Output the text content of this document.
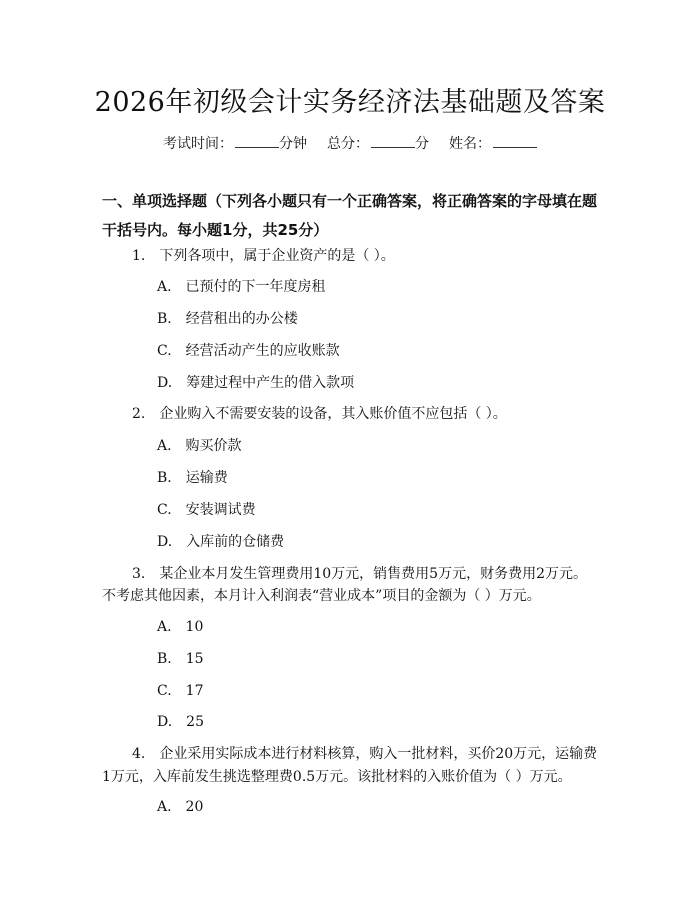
2026年初级会计实务经济法基础题及答案
考试时间：	分钟 总分：	分 姓名：
一、单项选择题（下列各小题只有一个正确答案，将正确答案的字母填在题干括号内。每小题1分，共25分）
1.　下列各项中，属于企业资产的是（ ）。
A.　已预付的下一年度房租
B.　经营租出的办公楼
C.　经营活动产生的应收账款
D.　筹建过程中产生的借入款项
2.　企业购入不需要安装的设备，其入账价值不应包括（ ）。
A.　购买价款
B.　运输费
C.　安装调试费
D.　入库前的仓储费
3.　某企业本月发生管理费用10万元，销售费用5万元，财务费用2万元。
不考虑其他因素，本月计入利润表“营业成本”项目的金额为（ ）万元。
A.　10
B.　15
C.　17
D.　25
4.　企业采用实际成本进行材料核算，购入一批材料，买价20万元，运输费
1万元，入库前发生挑选整理费0.5万元。该批材料的入账价值为（ ）万元。
A.　20
